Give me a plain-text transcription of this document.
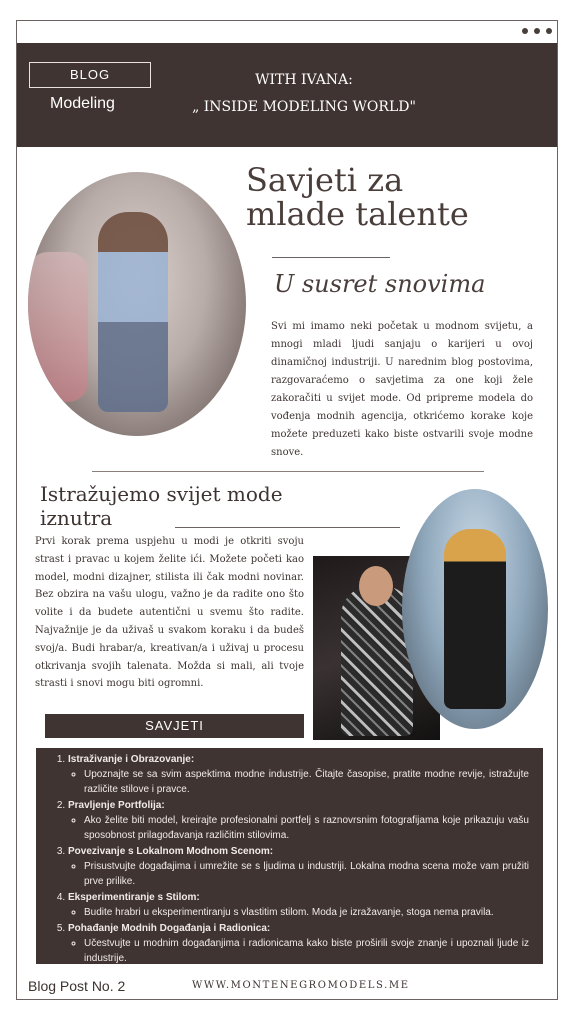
BLOG
Modeling
WITH IVANA:
„ INSIDE MODELING WORLD"
Savjeti za mlade talente
U susret snovima
Svi mi imamo neki početak u modnom svijetu, a mnogi mladi ljudi sanjaju o karijeri u ovoj dinamičnoj industriji. U narednim blog postovima, razgovaraćemo o savjetima za one koji žele zakoračiti u svijet mode. Od pripreme modela do vođenja modnih agencija, otkrićemo korake koje možete preduzeti kako biste ostvarili svoje modne snove.
Istražujemo svijet mode iznutra
Prvi korak prema uspjehu u modi je otkriti svoju strast i pravac u kojem želite ići. Možete početi kao model, modni dizajner, stilista ili čak modni novinar. Bez obzira na vašu ulogu, važno je da radite ono što volite i da budete autentični u svemu što radite. Najvažnije je da uživaš u svakom koraku i da budeš svoj/a. Budi hrabar/a, kreativan/a i uživaj u procesu otkrivanja svojih talenata. Možda si mali, ali tvoje strasti i snovi mogu biti ogromni.
SAVJETI
1. Istraživanje i Obrazovanje:
◦ Upoznajte se sa svim aspektima modne industrije. Čitajte časopise, pratite modne revije, istražujte različite stilove i pravce.
2. Pravljenje Portfolija:
◦ Ako želite biti model, kreirajte profesionalni portfelj s raznovrsnim fotografijama koje prikazuju vašu sposobnost prilagođavanja različitim stilovima.
3. Povezivanje s Lokalnom Modnom Scenom:
◦ Prisustvujte događajima i umrežite se s ljudima u industriji. Lokalna modna scena može vam pružiti prve prilike.
4. Eksperimentiranje s Stilom:
◦ Budite hrabri u eksperimentiranju s vlastitim stilom. Moda je izražavanje, stoga nema pravila.
5. Pohađanje Modnih Događanja i Radionica:
◦ Učestvujte u modnim događanjima i radionicama kako biste proširili svoje znanje i upoznali ljude iz industrije.
Blog Post No. 2	WWW.MONTENEGROMODELS.ME
